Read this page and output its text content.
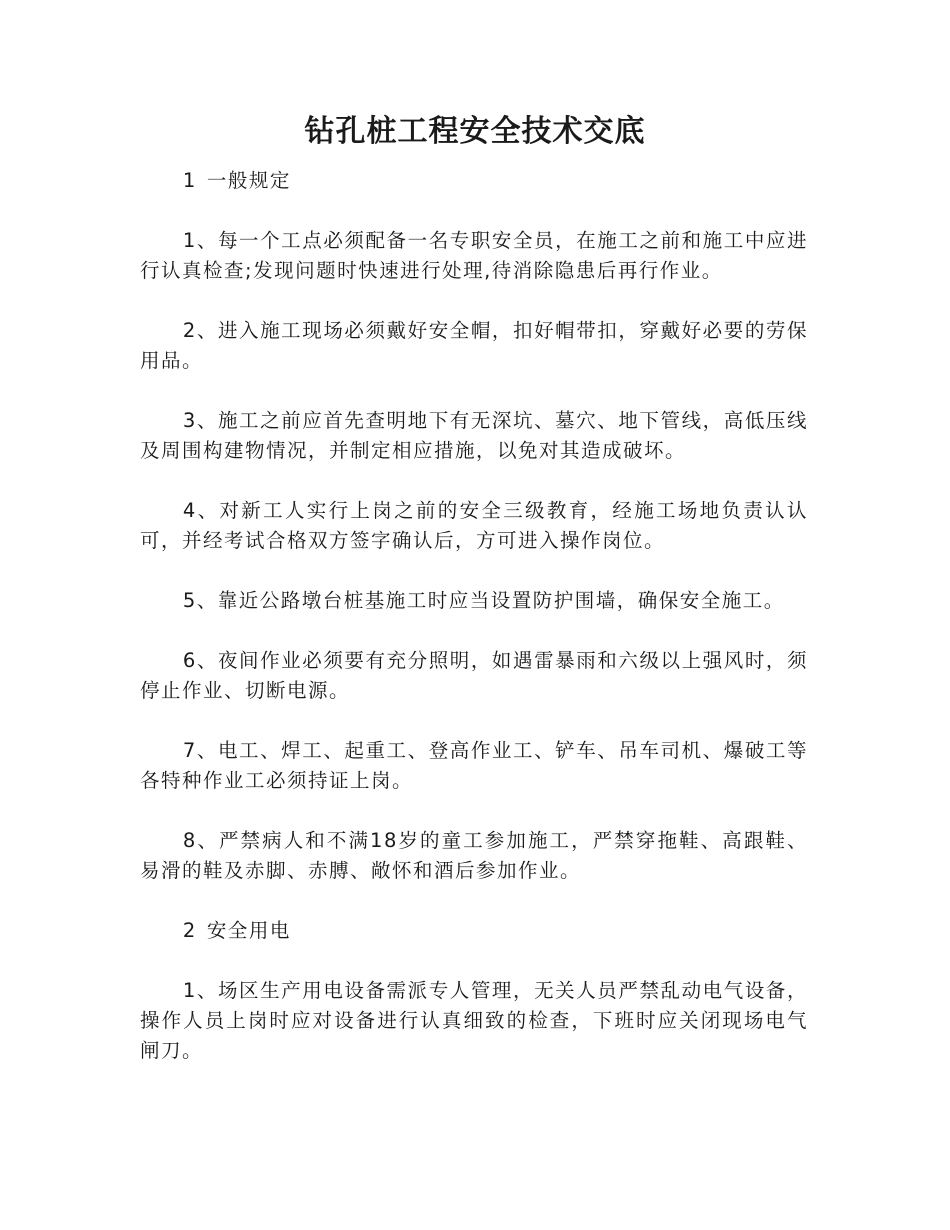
钻孔桩工程安全技术交底

1 一般规定

1、每一个工点必须配备一名专职安全员，在施工之前和施工中应进行认真检查;发现问题时快速进行处理,待消除隐患后再行作业。

2、进入施工现场必须戴好安全帽，扣好帽带扣，穿戴好必要的劳保用品。

3、施工之前应首先查明地下有无深坑、墓穴、地下管线，高低压线及周围构建物情况，并制定相应措施，以免对其造成破坏。

4、对新工人实行上岗之前的安全三级教育，经施工场地负责认认可，并经考试合格双方签字确认后，方可进入操作岗位。

5、靠近公路墩台桩基施工时应当设置防护围墙，确保安全施工。

6、夜间作业必须要有充分照明，如遇雷暴雨和六级以上强风时，须停止作业、切断电源。

7、电工、焊工、起重工、登高作业工、铲车、吊车司机、爆破工等各特种作业工必须持证上岗。

8、严禁病人和不满18岁的童工参加施工，严禁穿拖鞋、高跟鞋、易滑的鞋及赤脚、赤膊、敞怀和酒后参加作业。

2 安全用电

1、场区生产用电设备需派专人管理，无关人员严禁乱动电气设备，操作人员上岗时应对设备进行认真细致的检查，下班时应关闭现场电气闸刀。
